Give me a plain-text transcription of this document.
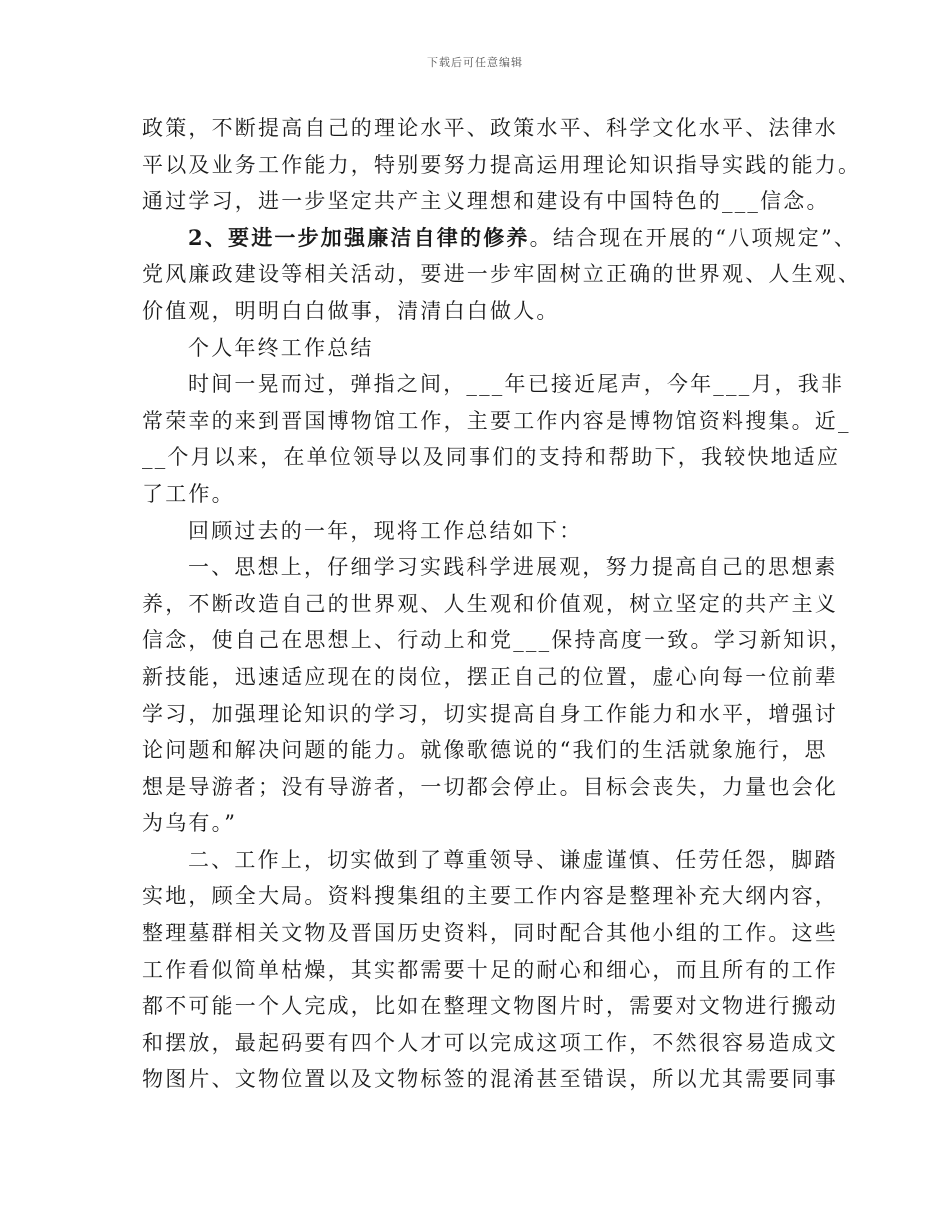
下载后可任意编辑
政策，不断提高自己的理论水平、政策水平、科学文化水平、法律水
平以及业务工作能力，特别要努力提高运用理论知识指导实践的能力。
通过学习，进一步坚定共产主义理想和建设有中国特色的___信念。
2、要进一步加强廉洁自律的修养。结合现在开展的“八项规定”、
党风廉政建设等相关活动，要进一步牢固树立正确的世界观、人生观、
价值观，明明白白做事，清清白白做人。
个人年终工作总结
时间一晃而过，弹指之间，___年已接近尾声，今年___月，我非
常荣幸的来到晋国博物馆工作，主要工作内容是博物馆资料搜集。近_
__个月以来，在单位领导以及同事们的支持和帮助下，我较快地适应
了工作。
回顾过去的一年，现将工作总结如下：
一、思想上，仔细学习实践科学进展观，努力提高自己的思想素
养，不断改造自己的世界观、人生观和价值观，树立坚定的共产主义
信念，使自己在思想上、行动上和党___保持高度一致。学习新知识，
新技能，迅速适应现在的岗位，摆正自己的位置，虚心向每一位前辈
学习，加强理论知识的学习，切实提高自身工作能力和水平，增强讨
论问题和解决问题的能力。就像歌德说的“我们的生活就象施行，思
想是导游者；没有导游者，一切都会停止。目标会丧失，力量也会化
为乌有。”
二、工作上，切实做到了尊重领导、谦虚谨慎、任劳任怨，脚踏
实地，顾全大局。资料搜集组的主要工作内容是整理补充大纲内容，
整理墓群相关文物及晋国历史资料，同时配合其他小组的工作。这些
工作看似简单枯燥，其实都需要十足的耐心和细心，而且所有的工作
都不可能一个人完成，比如在整理文物图片时，需要对文物进行搬动
和摆放，最起码要有四个人才可以完成这项工作，不然很容易造成文
物图片、文物位置以及文物标签的混淆甚至错误，所以尤其需要同事
